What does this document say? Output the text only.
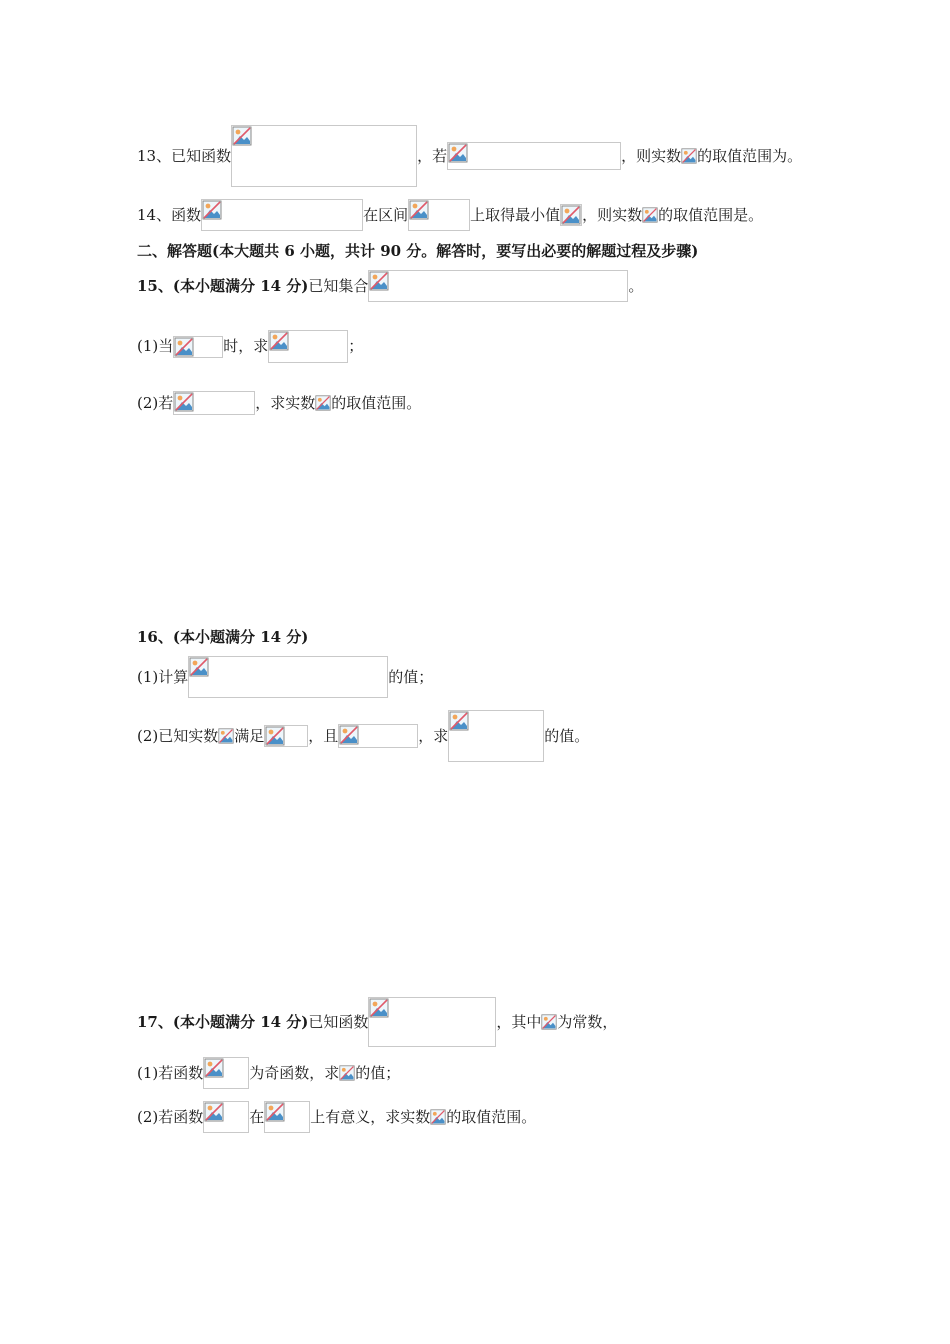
13、已知函数	，若	，则实数 的取值范围为。
14、函数	在区间	上取得最小值 ，则实数 的取值范围是。
二、解答题(本大题共 6 小题，共计 90 分。解答时，要写出必要的解题过程及步骤)
15、(本小题满分 14 分) 已知集合	。
(1)当	时，求	；
(2)若	，求实数 的取值范围。
16、(本小题满分 14 分)
(1)计算	的值；
(2)已知实数 满足	，且	，求	的值。
17、(本小题满分 14 分) 已知函数	，其中 为常数，
(1)若函数	为奇函数，求 的值；
(2)若函数	在	上有意义，求实数 的取值范围。
